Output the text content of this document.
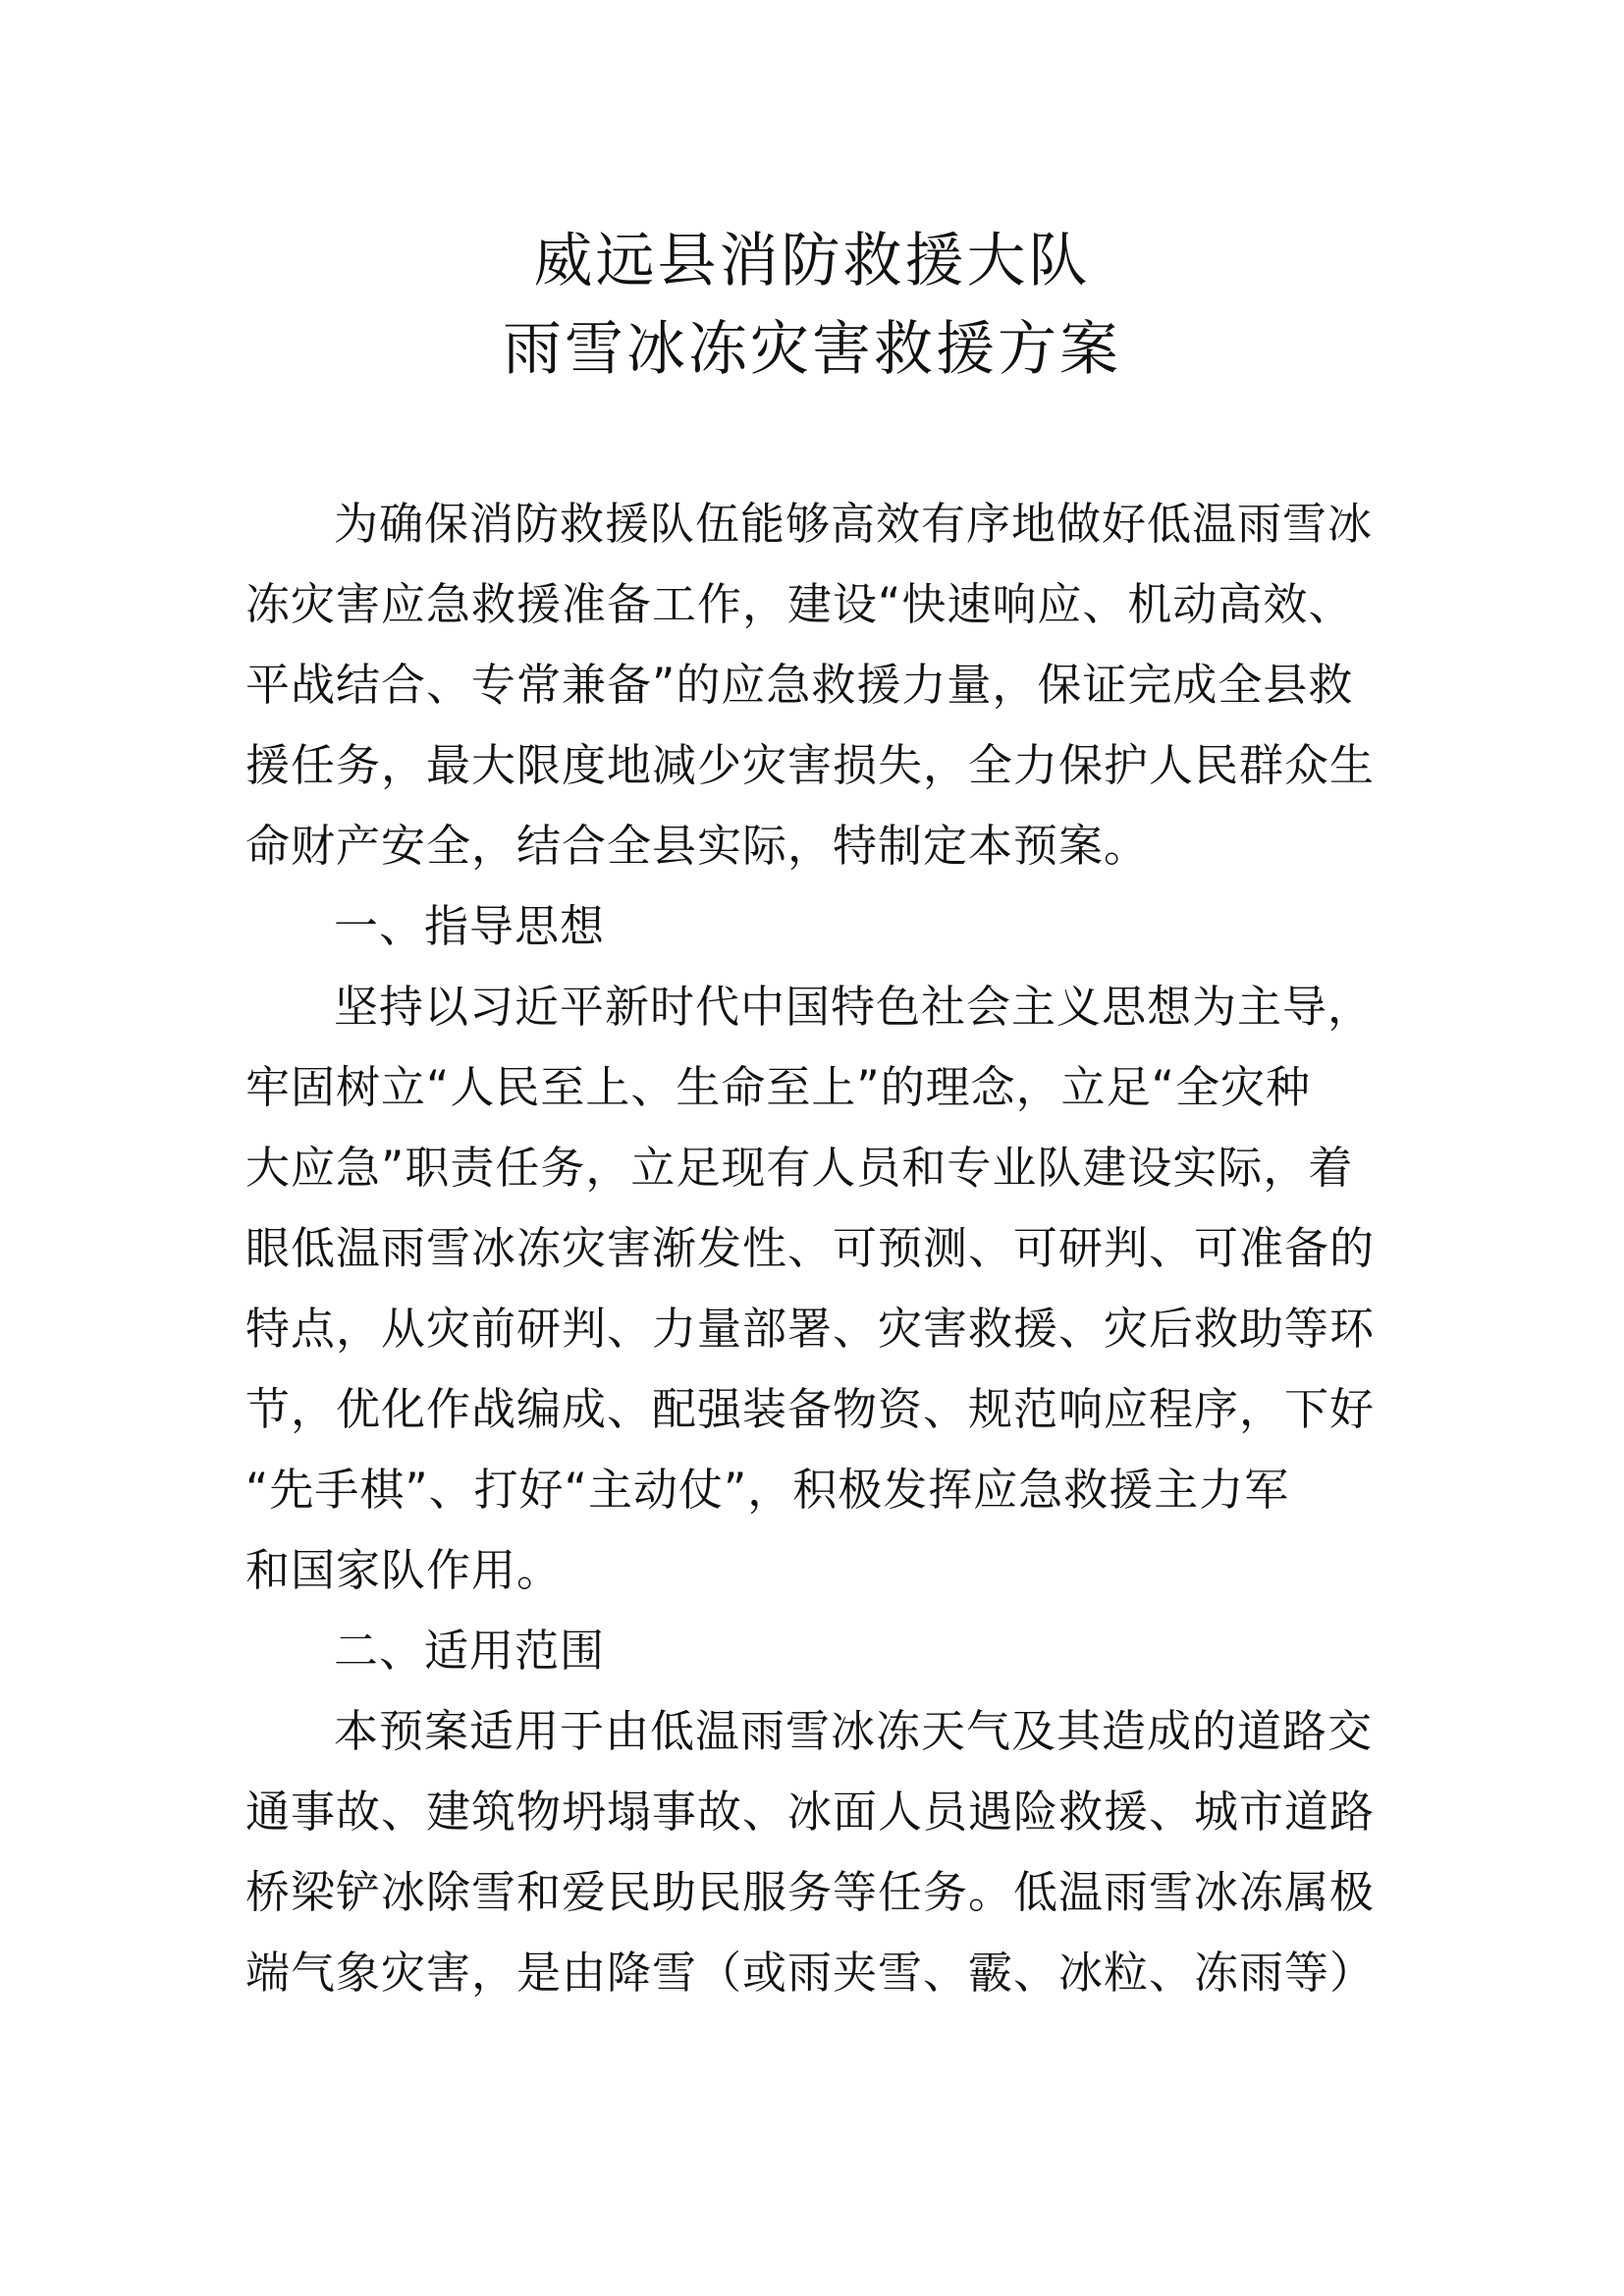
威远县消防救援大队
雨雪冰冻灾害救援方案

为确保消防救援队伍能够高效有序地做好低温雨雪冰
冻灾害应急救援准备工作，建设“快速响应、机动高效、
平战结合、专常兼备”的应急救援力量，保证完成全县救
援任务，最大限度地减少灾害损失，全力保护人民群众生
命财产安全，结合全县实际，特制定本预案。

一、指导思想

坚持以习近平新时代中国特色社会主义思想为主导，
牢固树立“人民至上、生命至上”的理念，立足“全灾种
大应急”职责任务，立足现有人员和专业队建设实际，着
眼低温雨雪冰冻灾害渐发性、可预测、可研判、可准备的
特点，从灾前研判、力量部署、灾害救援、灾后救助等环
节，优化作战编成、配强装备物资、规范响应程序，下好
“先手棋”、打好“主动仗”，积极发挥应急救援主力军
和国家队作用。

二、适用范围

本预案适用于由低温雨雪冰冻天气及其造成的道路交
通事故、建筑物坍塌事故、冰面人员遇险救援、城市道路
桥梁铲冰除雪和爱民助民服务等任务。低温雨雪冰冻属极
端气象灾害，是由降雪（或雨夹雪、霰、冰粒、冻雨等）
